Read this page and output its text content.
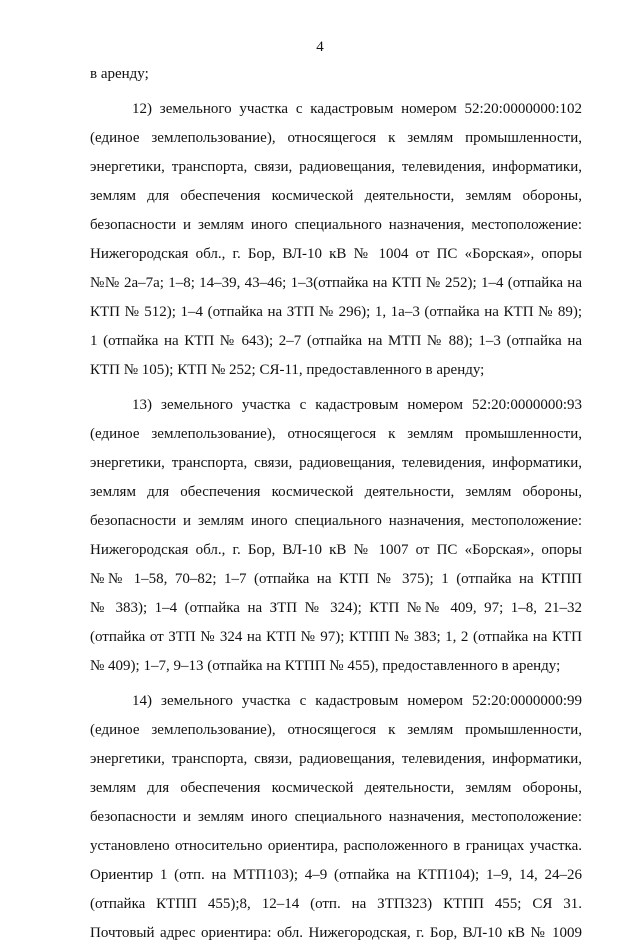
4
в аренду;
12) земельного участка с кадастровым номером 52:20:0000000:102
(единое землепользование), относящегося к землям промышленности,
энергетики, транспорта, связи, радиовещания, телевидения, информатики,
землям для обеспечения космической деятельности, землям обороны,
безопасности и землям иного специального назначения, местоположение:
Нижегородская обл., г. Бор, ВЛ-10 кВ № 1004 от ПС «Борская», опоры
№№ 2а–7а; 1–8; 14–39, 43–46; 1–3(отпайка на КТП № 252); 1–4 (отпайка на
КТП № 512); 1–4 (отпайка на ЗТП № 296); 1, 1а–3 (отпайка на КТП № 89);
1 (отпайка на КТП № 643); 2–7 (отпайка на МТП № 88); 1–3 (отпайка на
КТП № 105); КТП № 252; СЯ-11, предоставленного в аренду;
13) земельного участка с кадастровым номером 52:20:0000000:93
(единое землепользование), относящегося к землям промышленности,
энергетики, транспорта, связи, радиовещания, телевидения, информатики,
землям для обеспечения космической деятельности, землям обороны,
безопасности и землям иного специального назначения, местоположение:
Нижегородская обл., г. Бор, ВЛ-10 кВ № 1007 от ПС «Борская», опоры
№№ 1–58, 70–82; 1–7 (отпайка на КТП № 375); 1 (отпайка на КТПП
№ 383); 1–4 (отпайка на ЗТП № 324); КТП №№ 409, 97; 1–8, 21–32
(отпайка от ЗТП № 324 на КТП № 97); КТПП № 383; 1, 2 (отпайка на КТП
№ 409); 1–7, 9–13 (отпайка на КТПП № 455), предоставленного в аренду;
14) земельного участка с кадастровым номером 52:20:0000000:99
(единое землепользование), относящегося к землям промышленности,
энергетики, транспорта, связи, радиовещания, телевидения, информатики,
землям для обеспечения космической деятельности, землям обороны,
безопасности и землям иного специального назначения, местоположение:
установлено относительно ориентира, расположенного в границах участка.
Ориентир 1 (отп. на МТП103); 4–9 (отпайка на КТП104); 1–9, 14, 24–26
(отпайка КТПП 455);8, 12–14 (отп. на ЗТП323) КТПП 455; СЯ 31.
Почтовый адрес ориентира: обл. Нижегородская, г. Бор, ВЛ-10 кВ № 1009
